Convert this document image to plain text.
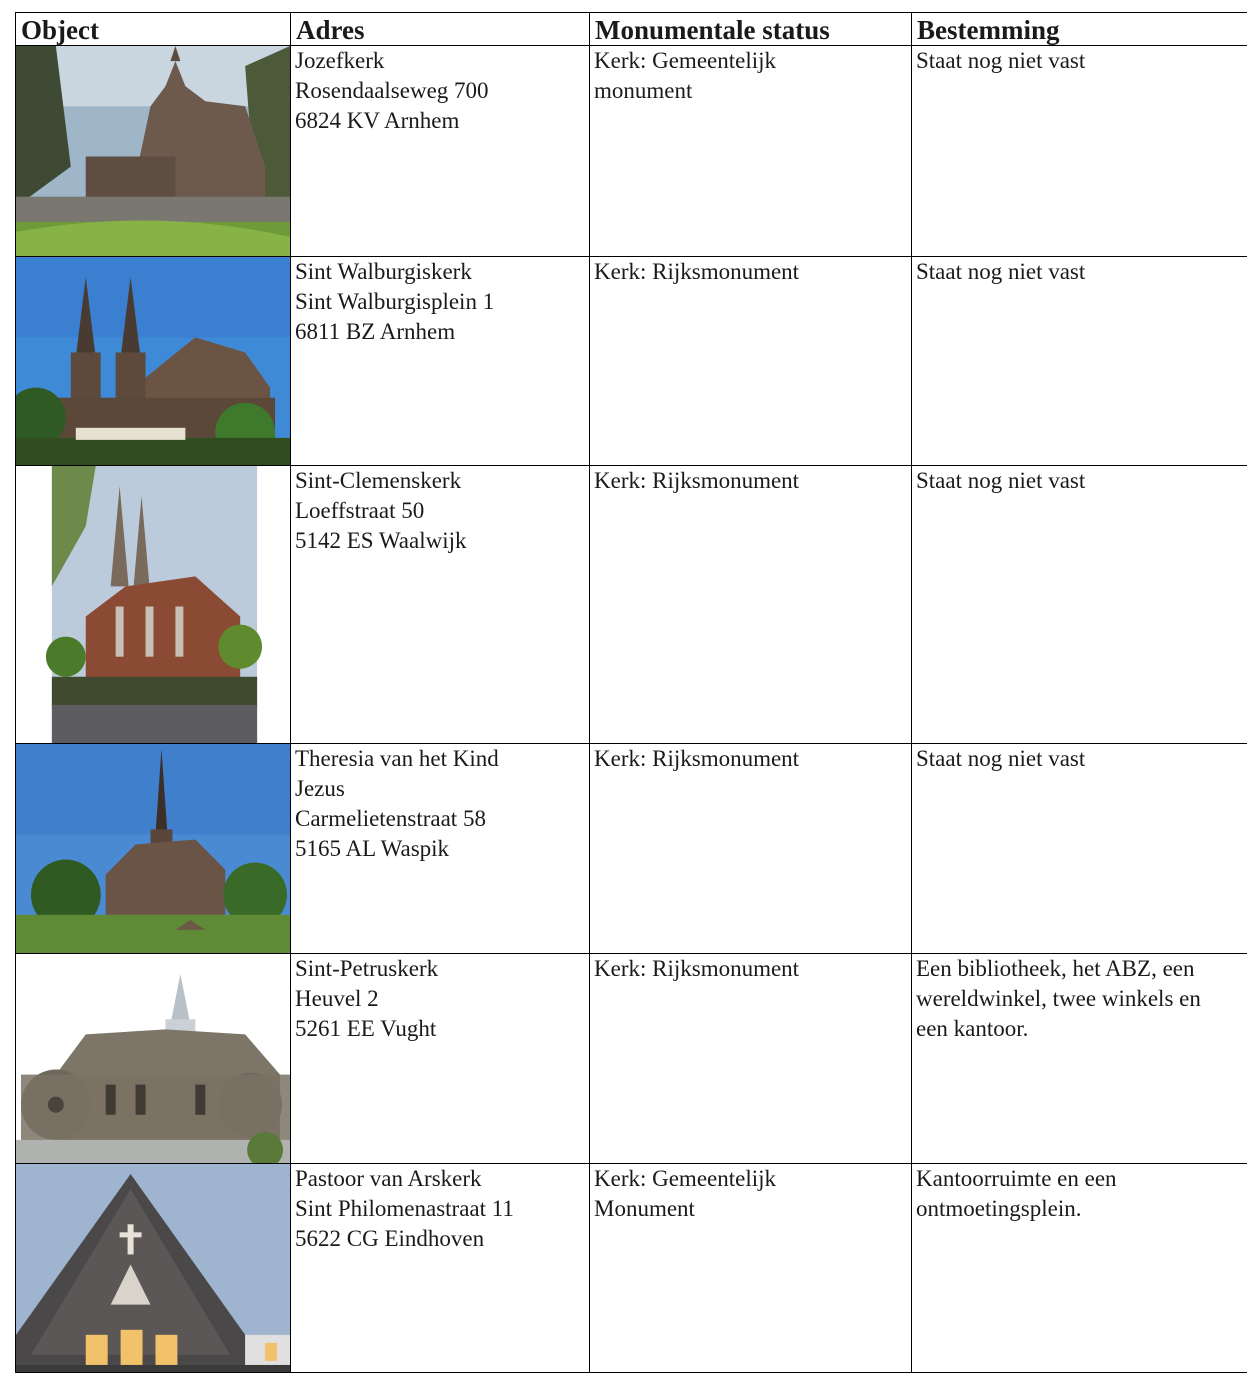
Object	Adres	Monumentale status	Bestemming

Jozefkerk
Rosendaalseweg 700
6824 KV Arnhem	Kerk: Gemeentelijk
monument	Staat nog niet vast

Sint Walburgiskerk
Sint Walburgisplein 1
6811 BZ Arnhem	Kerk: Rijksmonument	Staat nog niet vast

Sint-Clemenskerk
Loeffstraat 50
5142 ES Waalwijk	Kerk: Rijksmonument	Staat nog niet vast

Theresia van het Kind
Jezus
Carmelietenstraat 58
5165 AL Waspik	Kerk: Rijksmonument	Staat nog niet vast

Sint-Petruskerk
Heuvel 2
5261 EE Vught	Kerk: Rijksmonument	Een bibliotheek, het ABZ, een
wereldwinkel, twee winkels en
een kantoor.

Pastoor van Arskerk
Sint Philomenastraat 11
5622 CG Eindhoven	Kerk: Gemeentelijk
Monument	Kantoorruimte en een
ontmoetingsplein.
